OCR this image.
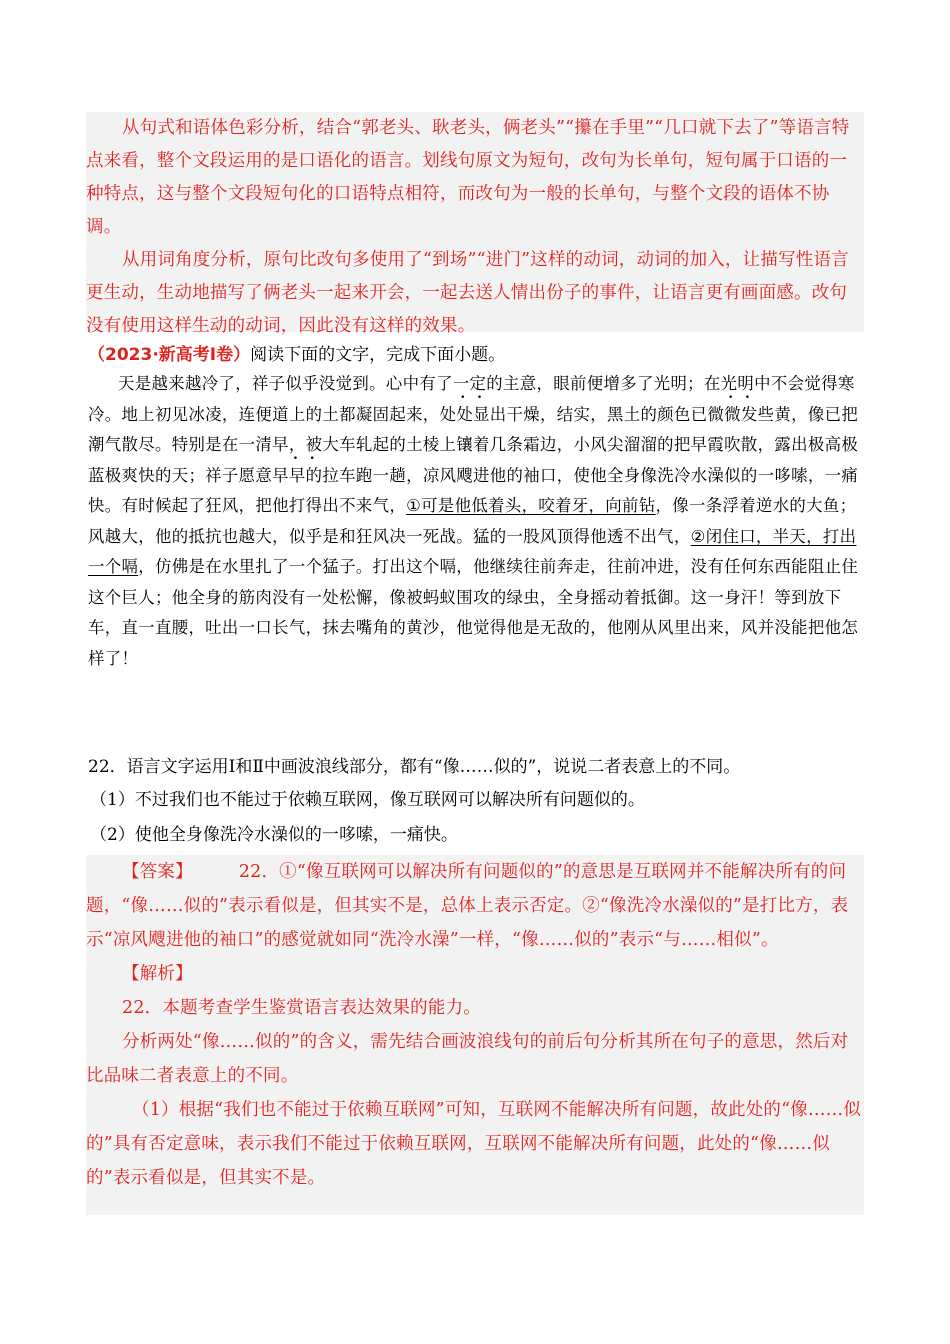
从句式和语体色彩分析，结合“郭老头、耿老头，俩老头”“攥在手里”“几口就下去了”等语言特点来看，整个文段运用的是口语化的语言。划线句原文为短句，改句为长单句，短句属于口语的一种特点，这与整个文段短句化的口语特点相符，而改句为一般的长单句，与整个文段的语体不协调。

从用词角度分析，原句比改句多使用了“到场”“进门”这样的动词，动词的加入，让描写性语言更生动，生动地描写了俩老头一起来开会，一起去送人情出份子的事件，让语言更有画面感。改句没有使用这样生动的动词，因此没有这样的效果。

（2023·新高考Ⅰ卷）阅读下面的文字，完成下面小题。

天是越来越冷了，祥子似乎没觉到。心中有了一定的主意，眼前便增多了光明；在光明中不会觉得寒冷。地上初见冰凌，连便道上的土都凝固起来，处处显出干燥，结实，黑土的颜色已微微发些黄，像已把潮气散尽。特别是在一清早，被大车轧起的土棱上镶着几条霜边，小风尖溜溜的把早霞吹散，露出极高极蓝极爽快的天；祥子愿意早早的拉车跑一趟，凉风飕进他的袖口，使他全身像洗冷水澡似的一哆嗦，一痛快。有时候起了狂风，把他打得出不来气，①可是他低着头，咬着牙，向前钻，像一条浮着逆水的大鱼；风越大，他的抵抗也越大，似乎是和狂风决一死战。猛的一股风顶得他透不出气，②闭住口，半天，打出一个嗝，仿佛是在水里扎了一个猛子。打出这个嗝，他继续往前奔走，往前冲进，没有任何东西能阻止住这个巨人；他全身的筋肉没有一处松懈，像被蚂蚁围攻的绿虫，全身摇动着抵御。这一身汗！等到放下车，直一直腰，吐出一口长气，抹去嘴角的黄沙，他觉得他是无敌的，他刚从风里出来，风并没能把他怎样了！

22．语言文字运用Ⅰ和Ⅱ中画波浪线部分，都有“像……似的”，说说二者表意上的不同。

（1）不过我们也不能过于依赖互联网，像互联网可以解决所有问题似的。

（2）使他全身像洗冷水澡似的一哆嗦，一痛快。

【答案】	22．①“像互联网可以解决所有问题似的”的意思是互联网并不能解决所有的问题，“像……似的”表示看似是，但其实不是，总体上表示否定。②“像洗冷水澡似的”是打比方，表示“凉风飕进他的袖口”的感觉就如同“洗冷水澡”一样，“像……似的”表示“与……相似”。

【解析】

22．本题考查学生鉴赏语言表达效果的能力。

分析两处“像……似的”的含义，需先结合画波浪线句的前后句分析其所在句子的意思，然后对比品味二者表意上的不同。

（1）根据“我们也不能过于依赖互联网”可知，互联网不能解决所有问题，故此处的“像……似的”具有否定意味，表示我们不能过于依赖互联网，互联网不能解决所有问题，此处的“像……似的”表示看似是，但其实不是。
